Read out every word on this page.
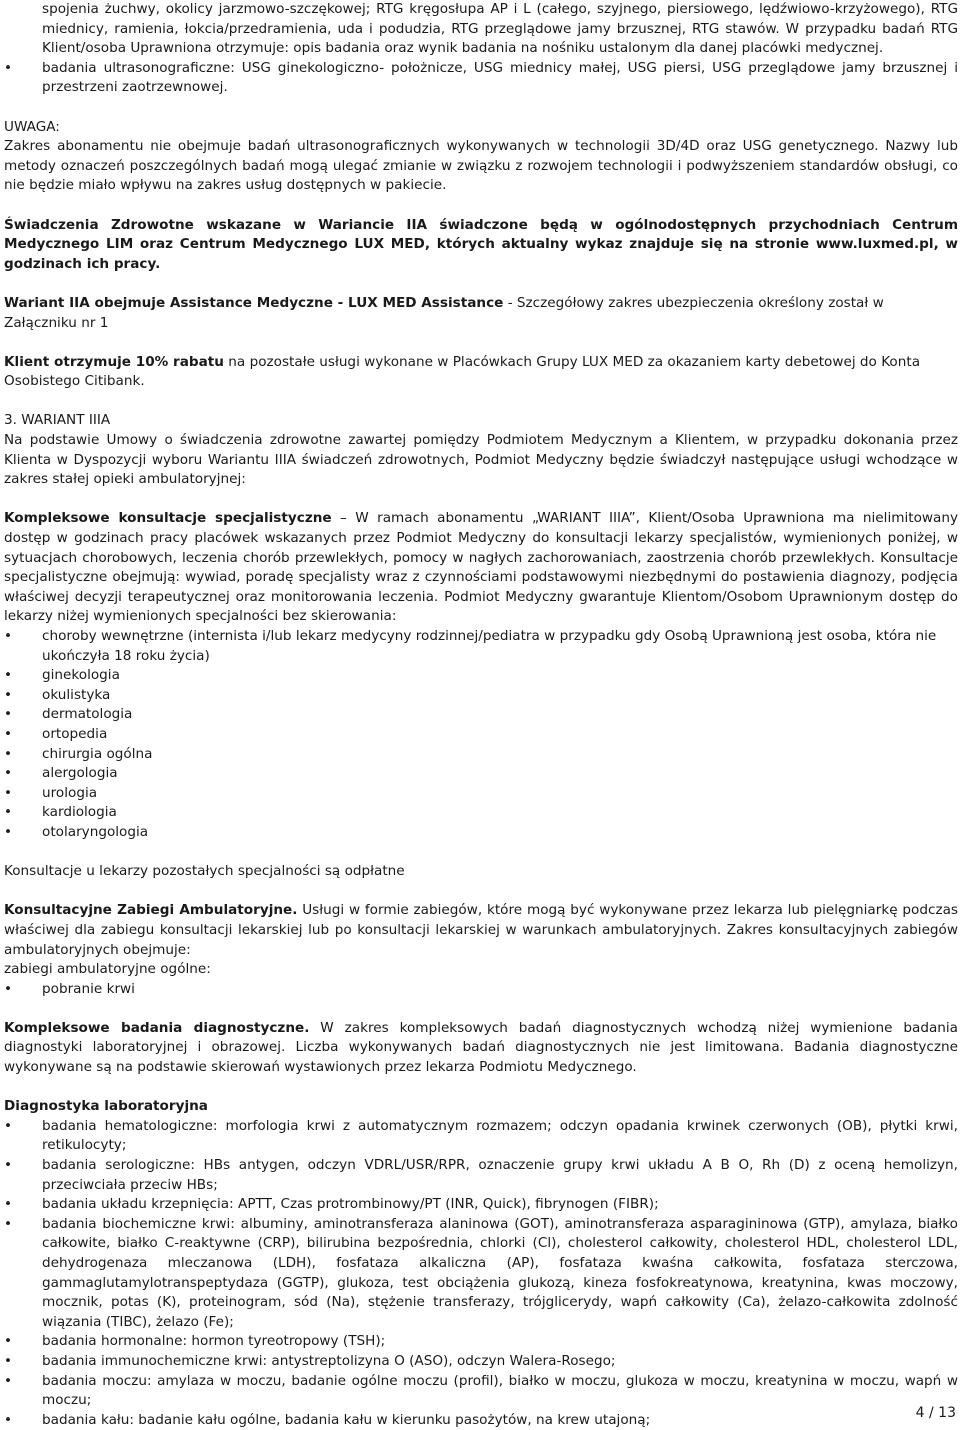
spojenia żuchwy, okolicy jarzmowo-szczękowej; RTG kręgosłupa AP i L (całego, szyjnego, piersiowego, lędźwiowo-krzyżowego), RTG miednicy, ramienia, łokcia/przedramienia, uda i podudzia, RTG przeglądowe jamy brzusznej, RTG stawów. W przypadku badań RTG Klient/osoba Uprawniona otrzymuje: opis badania oraz wynik badania na nośniku ustalonym dla danej placówki medycznej.

• badania ultrasonograficzne: USG ginekologiczno- położnicze, USG miednicy małej, USG piersi, USG przeglądowe jamy brzusznej i przestrzeni zaotrzewnowej.

UWAGA:

Zakres abonamentu nie obejmuje badań ultrasonograficznych wykonywanych w technologii 3D/4D oraz USG genetycznego. Nazwy lub metody oznaczeń poszczególnych badań mogą ulegać zmianie w związku z rozwojem technologii i podwyższeniem standardów obsługi, co nie będzie miało wpływu na zakres usług dostępnych w pakiecie.

Świadczenia Zdrowotne wskazane w Wariancie IIA świadczone będą w ogólnodostępnych przychodniach Centrum Medycznego LIM oraz Centrum Medycznego LUX MED, których aktualny wykaz znajduje się na stronie www.luxmed.pl, w godzinach ich pracy.

Wariant IIA obejmuje Assistance Medyczne - LUX MED Assistance - Szczegółowy zakres ubezpieczenia określony został w Załączniku nr 1

Klient otrzymuje 10% rabatu na pozostałe usługi wykonane w Placówkach Grupy LUX MED za okazaniem karty debetowej do Konta Osobistego Citibank.

3. WARIANT IIIA

Na podstawie Umowy o świadczenia zdrowotne zawartej pomiędzy Podmiotem Medycznym a Klientem, w przypadku dokonania przez Klienta w Dyspozycji wyboru Wariantu IIIA świadczeń zdrowotnych, Podmiot Medyczny będzie świadczył następujące usługi wchodzące w zakres stałej opieki ambulatoryjnej:

Kompleksowe konsultacje specjalistyczne – W ramach abonamentu „WARIANT IIIA”, Klient/Osoba Uprawniona ma nielimitowany dostęp w godzinach pracy placówek wskazanych przez Podmiot Medyczny do konsultacji lekarzy specjalistów, wymienionych poniżej, w sytuacjach chorobowych, leczenia chorób przewlekłych, pomocy w nagłych zachorowaniach, zaostrzenia chorób przewlekłych. Konsultacje specjalistyczne obejmują: wywiad, poradę specjalisty wraz z czynnościami podstawowymi niezbędnymi do postawienia diagnozy, podjęcia właściwej decyzji terapeutycznej oraz monitorowania leczenia. Podmiot Medyczny gwarantuje Klientom/Osobom Uprawnionym dostęp do lekarzy niżej wymienionych specjalności bez skierowania:

• choroby wewnętrzne (internista i/lub lekarz medycyny rodzinnej/pediatra w przypadku gdy Osobą Uprawnioną jest osoba, która nie ukończyła 18 roku życia)
• ginekologia
• okulistyka
• dermatologia
• ortopedia
• chirurgia ogólna
• alergologia
• urologia
• kardiologia
• otolaryngologia

Konsultacje u lekarzy pozostałych specjalności są odpłatne

Konsultacyjne Zabiegi Ambulatoryjne. Usługi w formie zabiegów, które mogą być wykonywane przez lekarza lub pielęgniarkę podczas właściwej dla zabiegu konsultacji lekarskiej lub po konsultacji lekarskiej w warunkach ambulatoryjnych. Zakres konsultacyjnych zabiegów ambulatoryjnych obejmuje:

zabiegi ambulatoryjne ogólne:

• pobranie krwi

Kompleksowe badania diagnostyczne. W zakres kompleksowych badań diagnostycznych wchodzą niżej wymienione badania diagnostyki laboratoryjnej i obrazowej. Liczba wykonywanych badań diagnostycznych nie jest limitowana. Badania diagnostyczne wykonywane są na podstawie skierowań wystawionych przez lekarza Podmiotu Medycznego.

Diagnostyka laboratoryjna

• badania hematologiczne: morfologia krwi z automatycznym rozmazem; odczyn opadania krwinek czerwonych (OB), płytki krwi, retikulocyty;
• badania serologiczne: HBs antygen, odczyn VDRL/USR/RPR, oznaczenie grupy krwi układu A B O, Rh (D) z oceną hemolizyn, przeciwciała przeciw HBs;
• badania układu krzepnięcia: APTT, Czas protrombinowy/PT (INR, Quick), fibrynogen (FIBR);
• badania biochemiczne krwi: albuminy, aminotransferaza alaninowa (GOT), aminotransferaza asparagininowa (GTP), amylaza, białko całkowite, białko C-reaktywne (CRP), bilirubina bezpośrednia, chlorki (Cl), cholesterol całkowity, cholesterol HDL, cholesterol LDL, dehydrogenaza mleczanowa (LDH), fosfataza alkaliczna (AP), fosfataza kwaśna całkowita, fosfataza sterczowa, gammaglutamylotranspeptydaza (GGTP), glukoza, test obciążenia glukozą, kineza fosfokreatynowa, kreatynina, kwas moczowy, mocznik, potas (K), proteinogram, sód (Na), stężenie transferazy, trójglicerydy, wapń całkowity (Ca), żelazo-całkowita zdolność wiązania (TIBC), żelazo (Fe);
• badania hormonalne: hormon tyreotropowy (TSH);
• badania immunochemiczne krwi: antystreptolizyna O (ASO), odczyn Walera-Rosego;
• badania moczu: amylaza w moczu, badanie ogólne moczu (profil), białko w moczu, glukoza w moczu, kreatynina w moczu, wapń w moczu;
• badania kału: badanie kału ogólne, badania kału w kierunku pasożytów, na krew utajoną;	4 / 13
